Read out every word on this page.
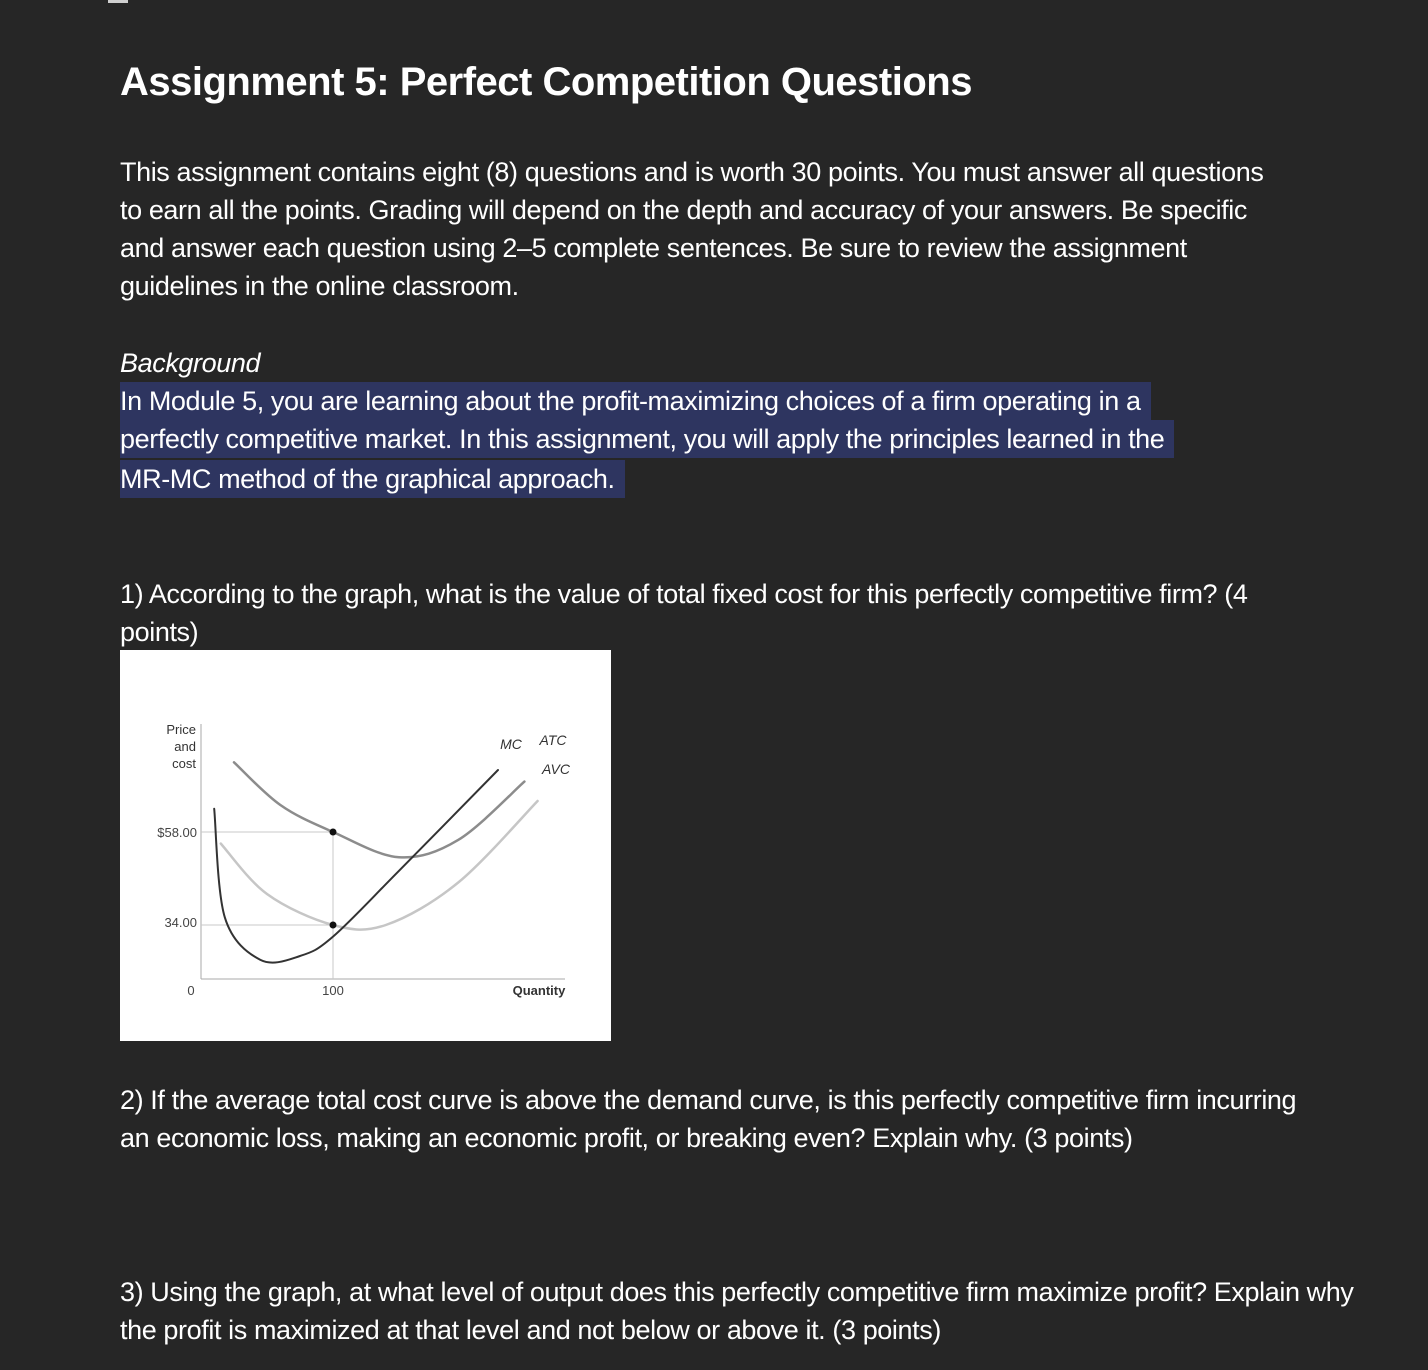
Assignment 5: Perfect Competition Questions

This assignment contains eight (8) questions and is worth 30 points. You must answer all questions to earn all the points. Grading will depend on the depth and accuracy of your answers. Be specific and answer each question using 2–5 complete sentences. Be sure to review the assignment guidelines in the online classroom.

Background

In Module 5, you are learning about the profit-maximizing choices of a firm operating in a
perfectly competitive market. In this assignment, you will apply the principles learned in the
MR-MC method of the graphical approach.

1) According to the graph, what is the value of total fixed cost for this perfectly competitive firm? (4 points)

2) If the average total cost curve is above the demand curve, is this perfectly competitive firm incurring an economic loss, making an economic profit, or breaking even? Explain why. (3 points)

3) Using the graph, at what level of output does this perfectly competitive firm maximize profit? Explain why the profit is maximized at that level and not below or above it. (3 points)

Price
and
cost
$58.00
34.00
0	100	Quantity
MC ATC
AVC
